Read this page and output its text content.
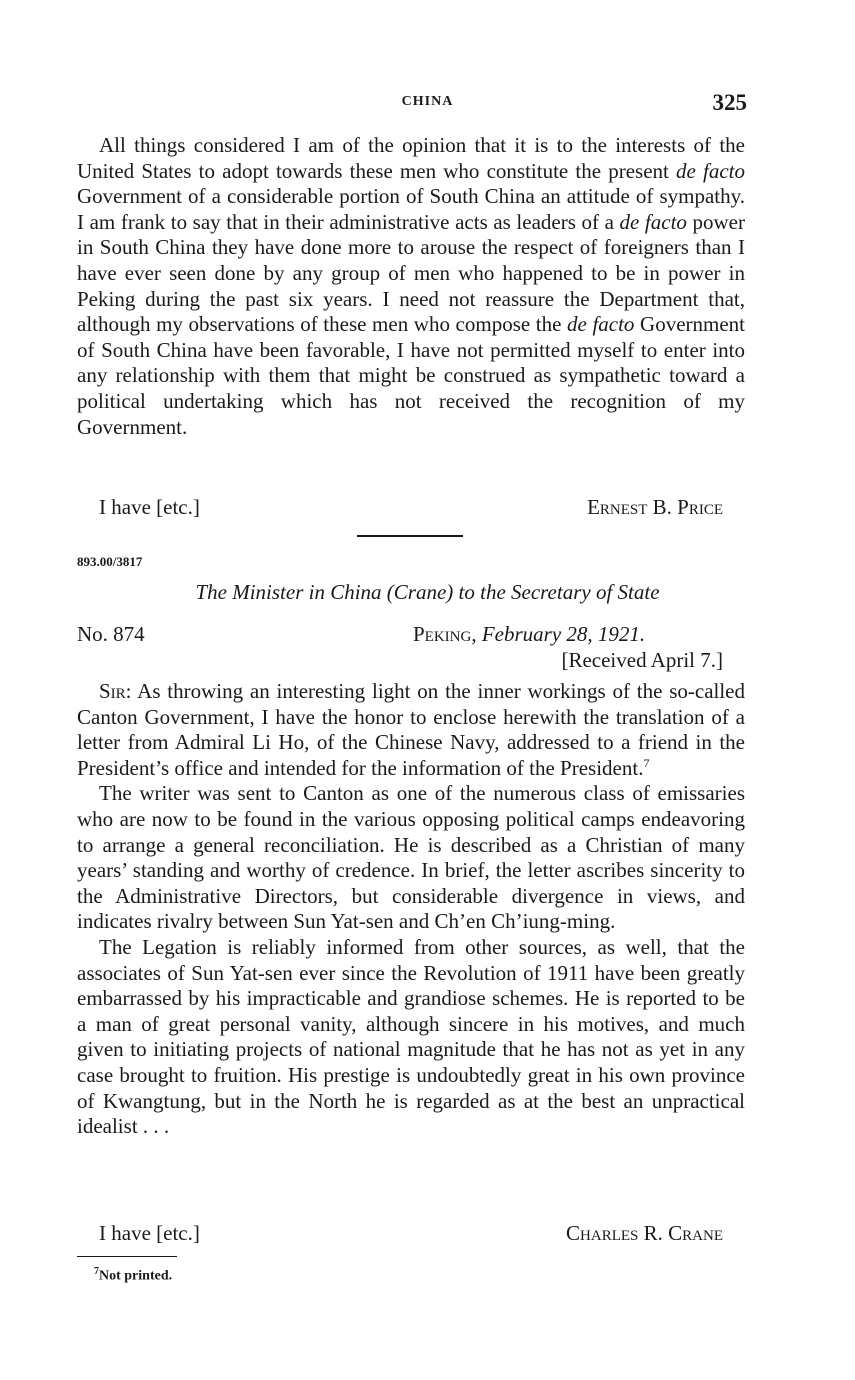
CHINA	325

All things considered I am of the opinion that it is to the interests of the United States to adopt towards these men who constitute the present de facto Government of a considerable portion of South China an attitude of sympathy. I am frank to say that in their administrative acts as leaders of a de facto power in South China they have done more to arouse the respect of foreigners than I have ever seen done by any group of men who happened to be in power in Peking during the past six years. I need not reassure the Department that, although my observations of these men who compose the de facto Government of South China have been favorable, I have not permitted myself to enter into any relationship with them that might be construed as sympathetic toward a political undertaking which has not received the recognition of my Government.

I have [etc.]	Ernest B. Price
893.00/3817
The Minister in China (Crane) to the Secretary of State
No. 874	Peking, February 28, 1921.
[Received April 7.]

Sir: As throwing an interesting light on the inner workings of the so-called Canton Government, I have the honor to enclose herewith the translation of a letter from Admiral Li Ho, of the Chinese Navy, addressed to a friend in the President’s office and intended for the information of the President.$^7$

The writer was sent to Canton as one of the numerous class of emissaries who are now to be found in the various opposing political camps endeavoring to arrange a general reconciliation. He is described as a Christian of many years’ standing and worthy of credence. In brief, the letter ascribes sincerity to the Administrative Directors, but considerable divergence in views, and indicates rivalry between Sun Yat-sen and Ch’en Ch’iung-ming.

The Legation is reliably informed from other sources, as well, that the associates of Sun Yat-sen ever since the Revolution of 1911 have been greatly embarrassed by his impracticable and grandiose schemes. He is reported to be a man of great personal vanity, although sincere in his motives, and much given to initiating projects of national magnitude that he has not as yet in any case brought to fruition. His prestige is undoubtedly great in his own province of Kwangtung, but in the North he is regarded as at the best an unpractical idealist . . .

I have [etc.]	Charles R. Crane
$^7$Not printed.
